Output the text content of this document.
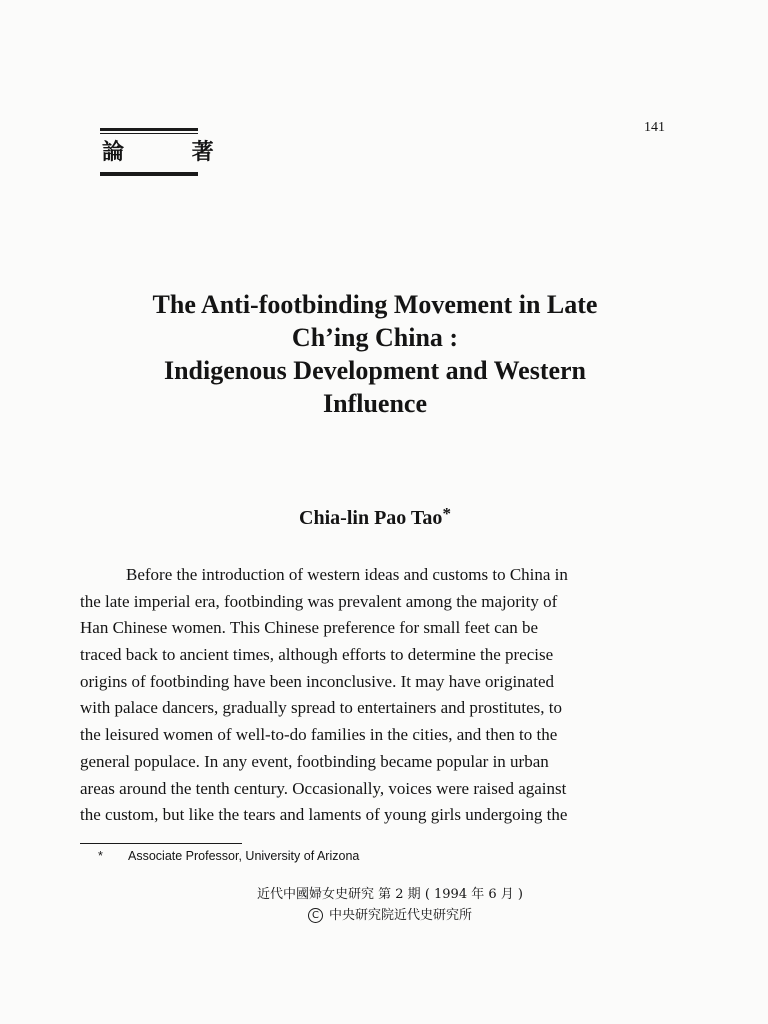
141
論 著
The Anti-footbinding Movement in Late
Ch’ing China :
Indigenous Development and Western
Influence
Chia-lin Pao Tao*

Before the introduction of western ideas and customs to China in
the late imperial era, footbinding was prevalent among the majority of
Han Chinese women. This Chinese preference for small feet can be
traced back to ancient times, although efforts to determine the precise
origins of footbinding have been inconclusive. It may have originated
with palace dancers, gradually spread to entertainers and prostitutes, to
the leisured women of well-to-do families in the cities, and then to the
general populace. In any event, footbinding became popular in urban
areas around the tenth century. Occasionally, voices were raised against
the custom, but like the tears and laments of young girls undergoing the

* Associate Professor, University of Arizona
近代中國婦女史研究 第 2 期 ( 1994 年 6 月 )
C 中央研究院近代史研究所
